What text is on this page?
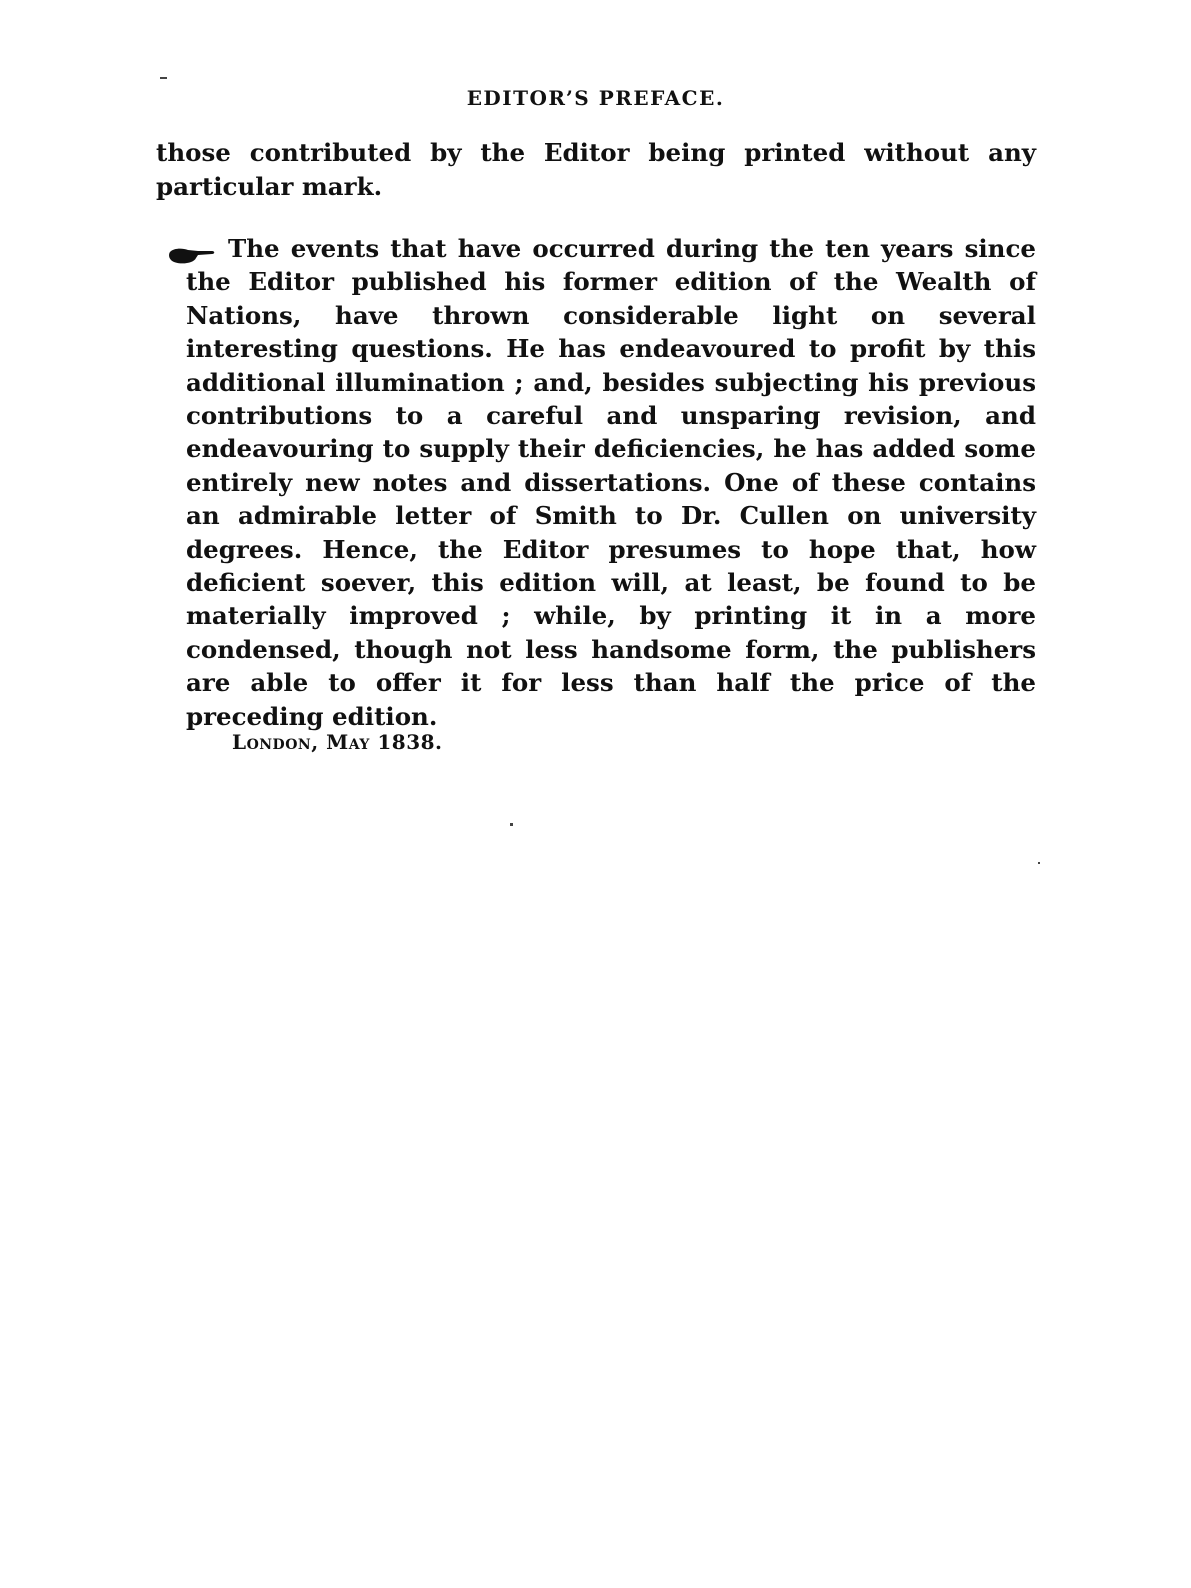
EDITOR’S PREFACE.

those contributed by the Editor being printed without any particular mark.

The events that have occurred during the ten years since the Editor published his former edition of the Wealth of Nations, have thrown considerable light on several interesting questions. He has endeavoured to profit by this additional illumination ; and, besides subjecting his previous contributions to a careful and unsparing revision, and endeavouring to supply their deficiencies, he has added some entirely new notes and dissertations. One of these contains an admirable letter of Smith to Dr. Cullen on university degrees. Hence, the Editor presumes to hope that, how deficient soever, this edition will, at least, be found to be materially improved ; while, by printing it in a more condensed, though not less handsome form, the publishers are able to offer it for less than half the price of the preceding edition.

London, May 1838.
